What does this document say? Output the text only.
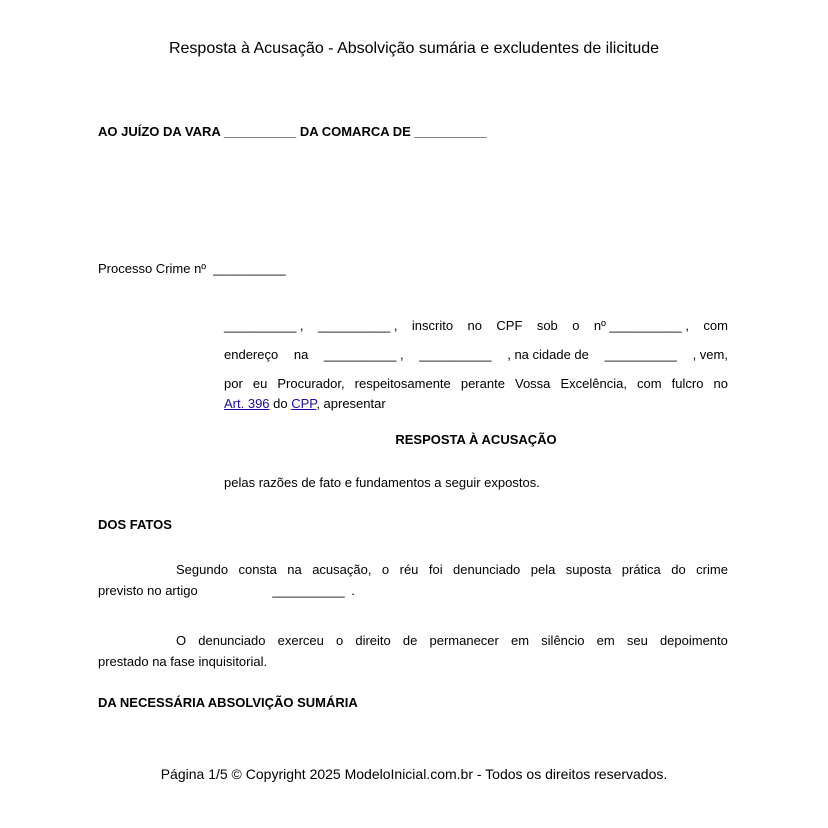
Resposta à Acusação - Absolvição sumária e excludentes de ilicitude
AO JUÍZO DA VARA __________ DA COMARCA DE __________
Processo Crime nº __________
__________ , __________ , inscrito no CPF sob o nº __________ , com
endereço na __________ , __________ , na cidade de __________ , vem,
por eu Procurador, respeitosamente perante Vossa Excelência, com fulcro no
Art. 396 do CPP, apresentar
RESPOSTA À ACUSAÇÃO
pelas razões de fato e fundamentos a seguir expostos.
DOS FATOS
Segundo consta na acusação, o réu foi denunciado pela suposta prática do crime
previsto no artigo	__________ .
O denunciado exerceu o direito de permanecer em silêncio em seu depoimento
prestado na fase inquisitorial.
DA NECESSÁRIA ABSOLVIÇÃO SUMÁRIA
Página 1/5 © Copyright 2025 ModeloInicial.com.br - Todos os direitos reservados.
